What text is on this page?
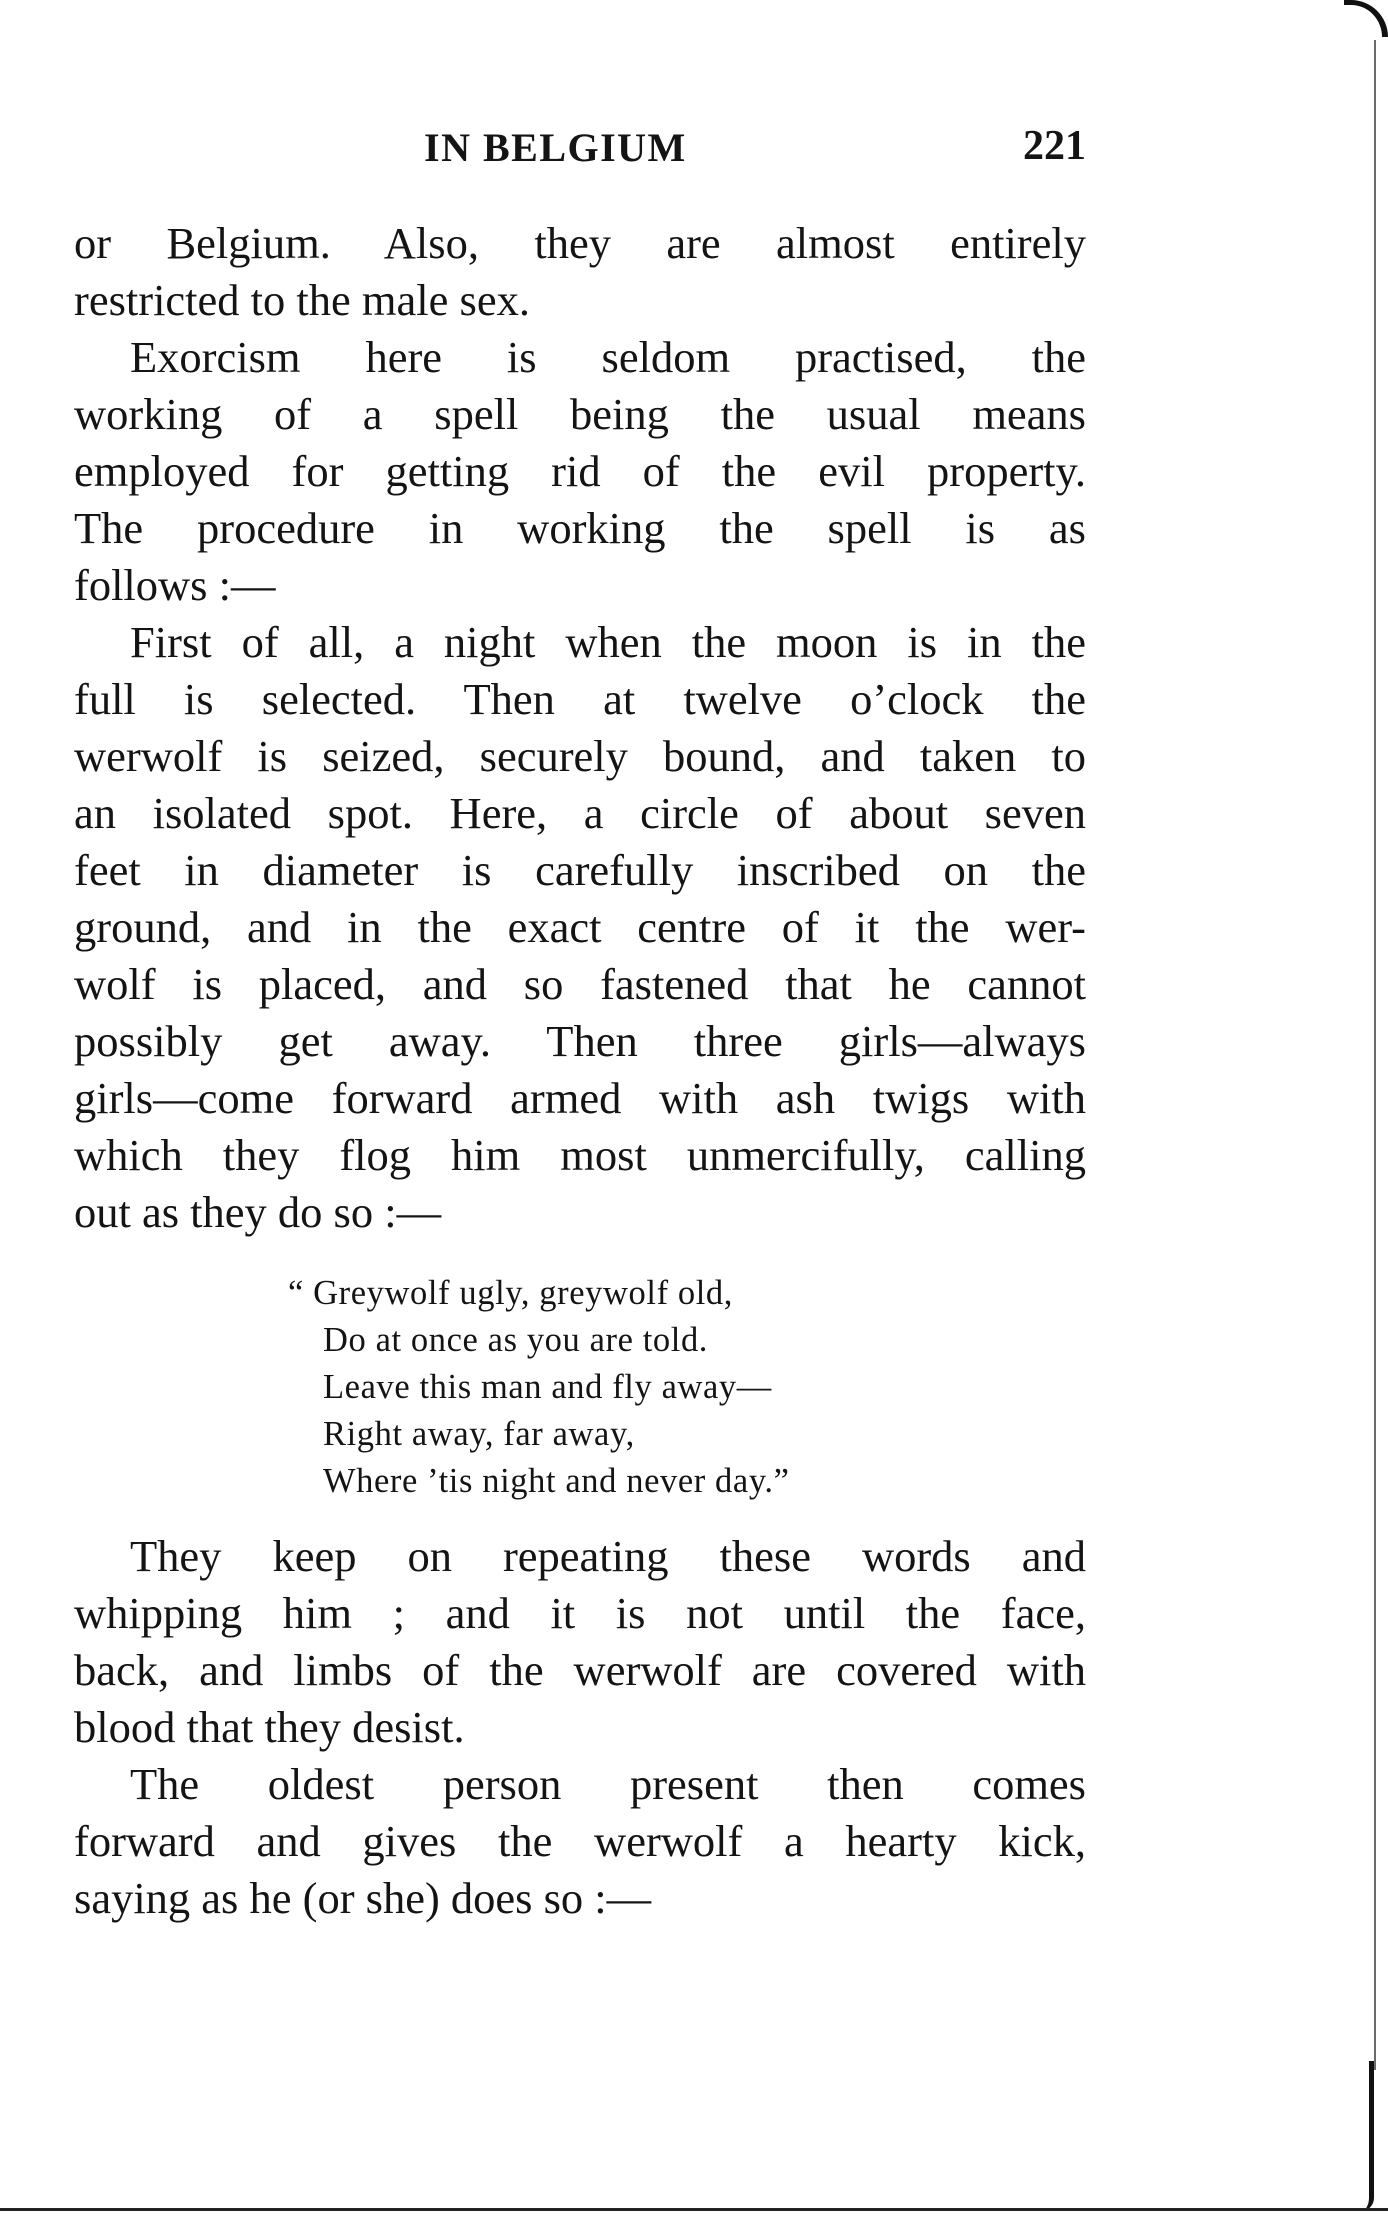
IN BELGIUM	221
or Belgium. Also, they are almost entirely
restricted to the male sex.
Exorcism here is seldom practised, the
working of a spell being the usual means
employed for getting rid of the evil property.
The procedure in working the spell is as
follows :—
First of all, a night when the moon is in the
full is selected. Then at twelve o’clock the
werwolf is seized, securely bound, and taken to
an isolated spot. Here, a circle of about seven
feet in diameter is carefully inscribed on the
ground, and in the exact centre of it the wer-
wolf is placed, and so fastened that he cannot
possibly get away. Then three girls—always
girls—come forward armed with ash twigs with
which they flog him most unmercifully, calling
out as they do so :—
“ Greywolf ugly, greywolf old,
Do at once as you are told.
Leave this man and fly away—
Right away, far away,
Where ’tis night and never day.”
They keep on repeating these words and
whipping him ; and it is not until the face,
back, and limbs of the werwolf are covered with
blood that they desist.
The oldest person present then comes
forward and gives the werwolf a hearty kick,
saying as he (or she) does so :—
